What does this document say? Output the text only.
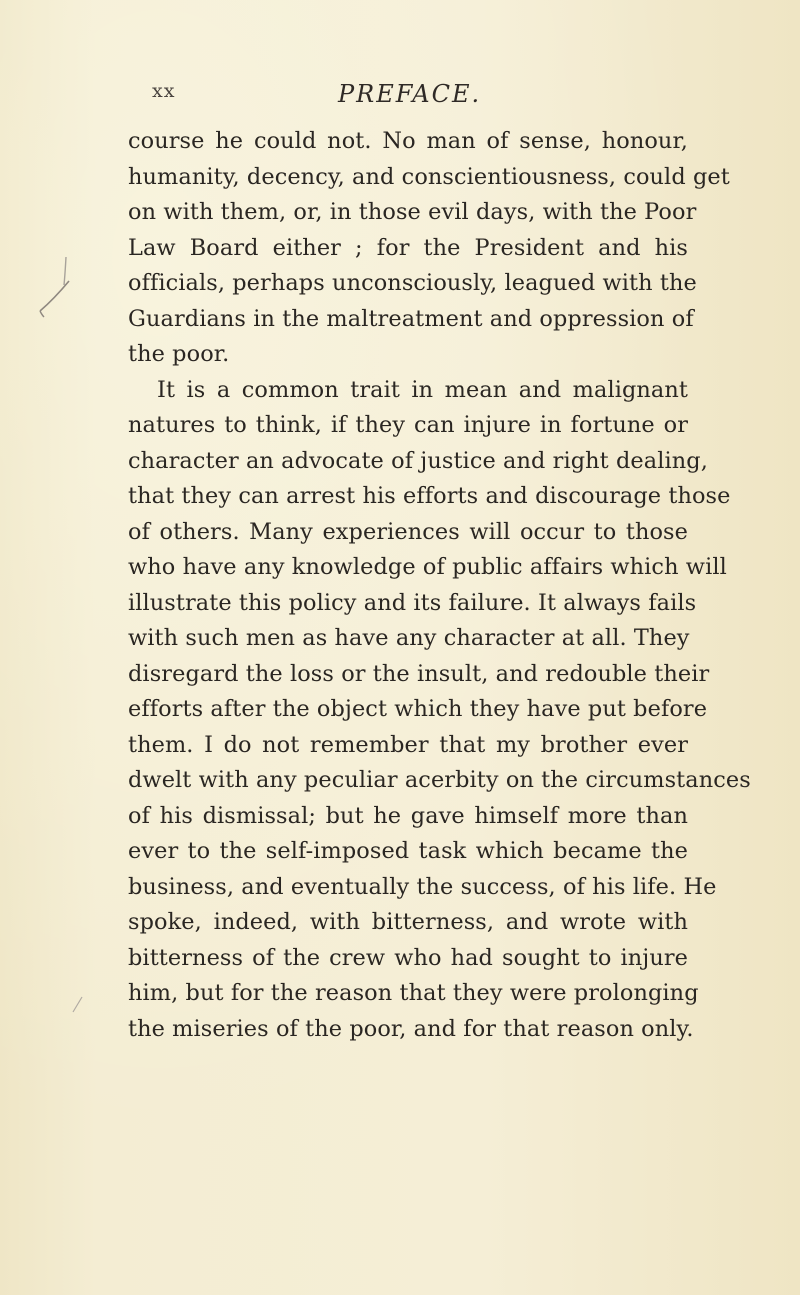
xx	PREFACE.
course he could not. No man of sense, honour,
humanity, decency, and conscientiousness, could get
on with them, or, in those evil days, with the Poor
Law Board either ; for the President and his
officials, perhaps unconsciously, leagued with the
Guardians in the maltreatment and oppression of
the poor.
It is a common trait in mean and malignant
natures to think, if they can injure in fortune or
character an advocate of justice and right dealing,
that they can arrest his efforts and discourage those
of others. Many experiences will occur to those
who have any knowledge of public affairs which will
illustrate this policy and its failure. It always fails
with such men as have any character at all. They
disregard the loss or the insult, and redouble their
efforts after the object which they have put before
them. I do not remember that my brother ever
dwelt with any peculiar acerbity on the circumstances
of his dismissal; but he gave himself more than
ever to the self-imposed task which became the
business, and eventually the success, of his life. He
spoke, indeed, with bitterness, and wrote with
bitterness of the crew who had sought to injure
him, but for the reason that they were prolonging
the miseries of the poor, and for that reason only.
